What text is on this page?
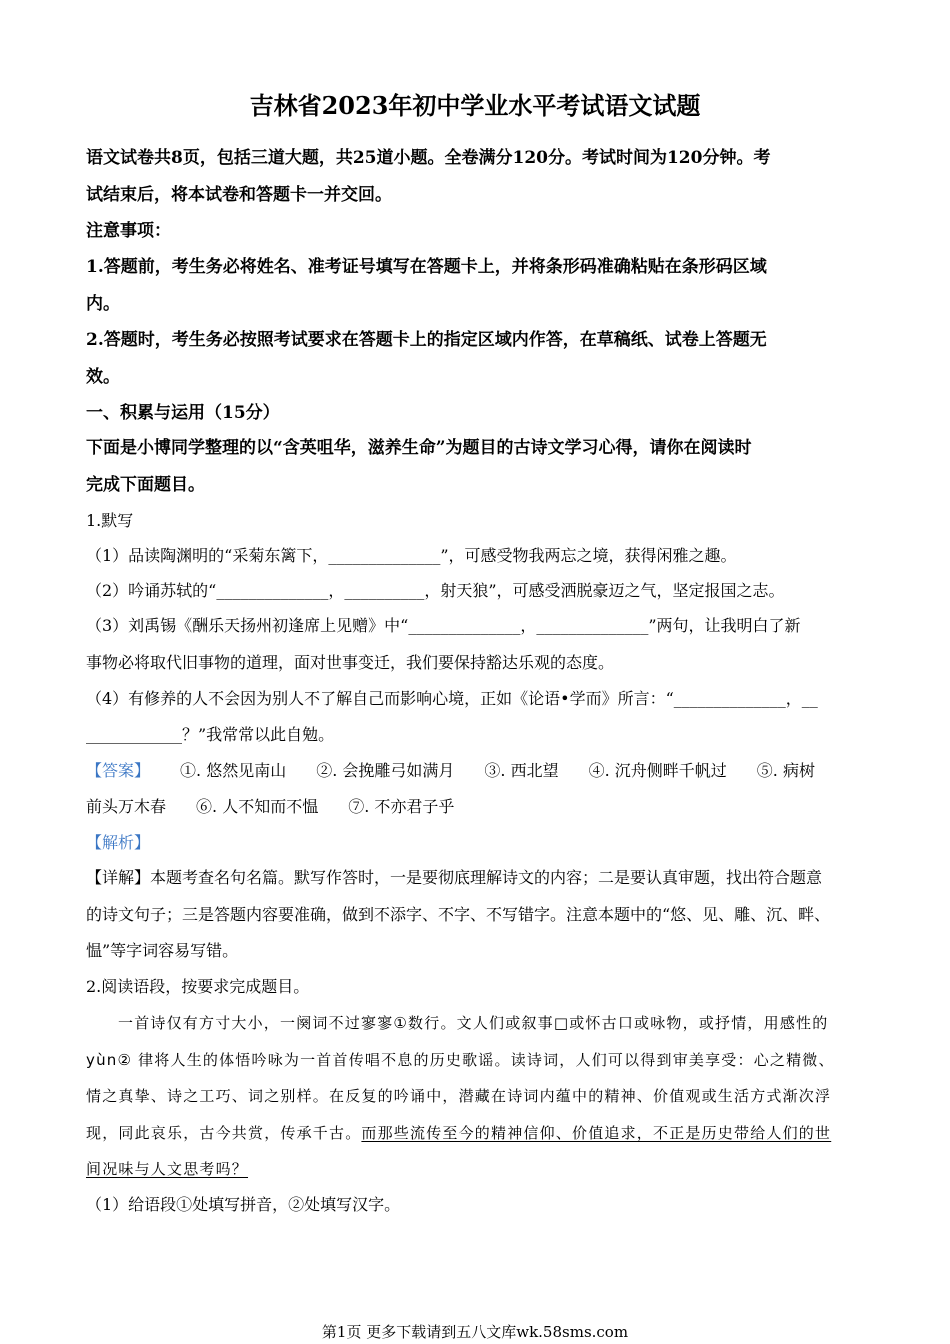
吉林省2023年初中学业水平考试语文试题
语文试卷共8页，包括三道大题，共25道小题。全卷满分120分。考试时间为120分钟。考
试结束后，将本试卷和答题卡一并交回。
注意事项：
1.答题前，考生务必将姓名、准考证号填写在答题卡上，并将条形码准确粘贴在条形码区域
内。
2.答题时，考生务必按照考试要求在答题卡上的指定区域内作答，在草稿纸、试卷上答题无
效。
一、积累与运用（15分）
下面是小博同学整理的以“含英咀华，滋养生命”为题目的古诗文学习心得，请你在阅读时
完成下面题目。
1.默写
（1）品读陶渊明的“采菊东篱下，______________”，可感受物我两忘之境，获得闲雅之趣。
（2）吟诵苏轼的“______________，__________，射天狼”，可感受洒脱豪迈之气，坚定报国之志。
（3）刘禹锡《酬乐天扬州初逢席上见赠》中“______________，______________”两句，让我明白了新
事物必将取代旧事物的道理，面对世事变迁，我们要保持豁达乐观的态度。
（4）有修养的人不会因为别人不了解自己而影响心境，正如《论语•学而》所言：“______________，__
____________？”我常常以此自勉。
【答案】 ①. 悠然见南山 ②. 会挽雕弓如满月 ③. 西北望 ④. 沉舟侧畔千帆过 ⑤. 病树
前头万木春 ⑥. 人不知而不愠 ⑦. 不亦君子乎
【解析】
【详解】本题考查名句名篇。默写作答时，一是要彻底理解诗文的内容；二是要认真审题，找出符合题意
的诗文句子；三是答题内容要准确，做到不添字、不字、不写错字。注意本题中的“悠、见、雕、沉、畔、
愠”等字词容易写错。
2.阅读语段，按要求完成题目。
一首诗仅有方寸大小，一阕词不过寥寥①数行。文人们或叙事□或怀古口或咏物，或抒情，用感性的
yùn② 律将人生的体悟吟咏为一首首传唱不息的历史歌谣。读诗词，人们可以得到审美享受：心之精微、
情之真挚、诗之工巧、词之别样。在反复的吟诵中，潜藏在诗词内蕴中的精神、价值观或生活方式渐次浮
现，同此哀乐，古今共赏，传承千古。而那些流传至今的精神信仰、价值追求，不正是历史带给人们的世
间况味与人文思考吗？
（1）给语段①处填写拼音，②处填写汉字。
第1页 更多下载请到五八文库wk.58sms.com
